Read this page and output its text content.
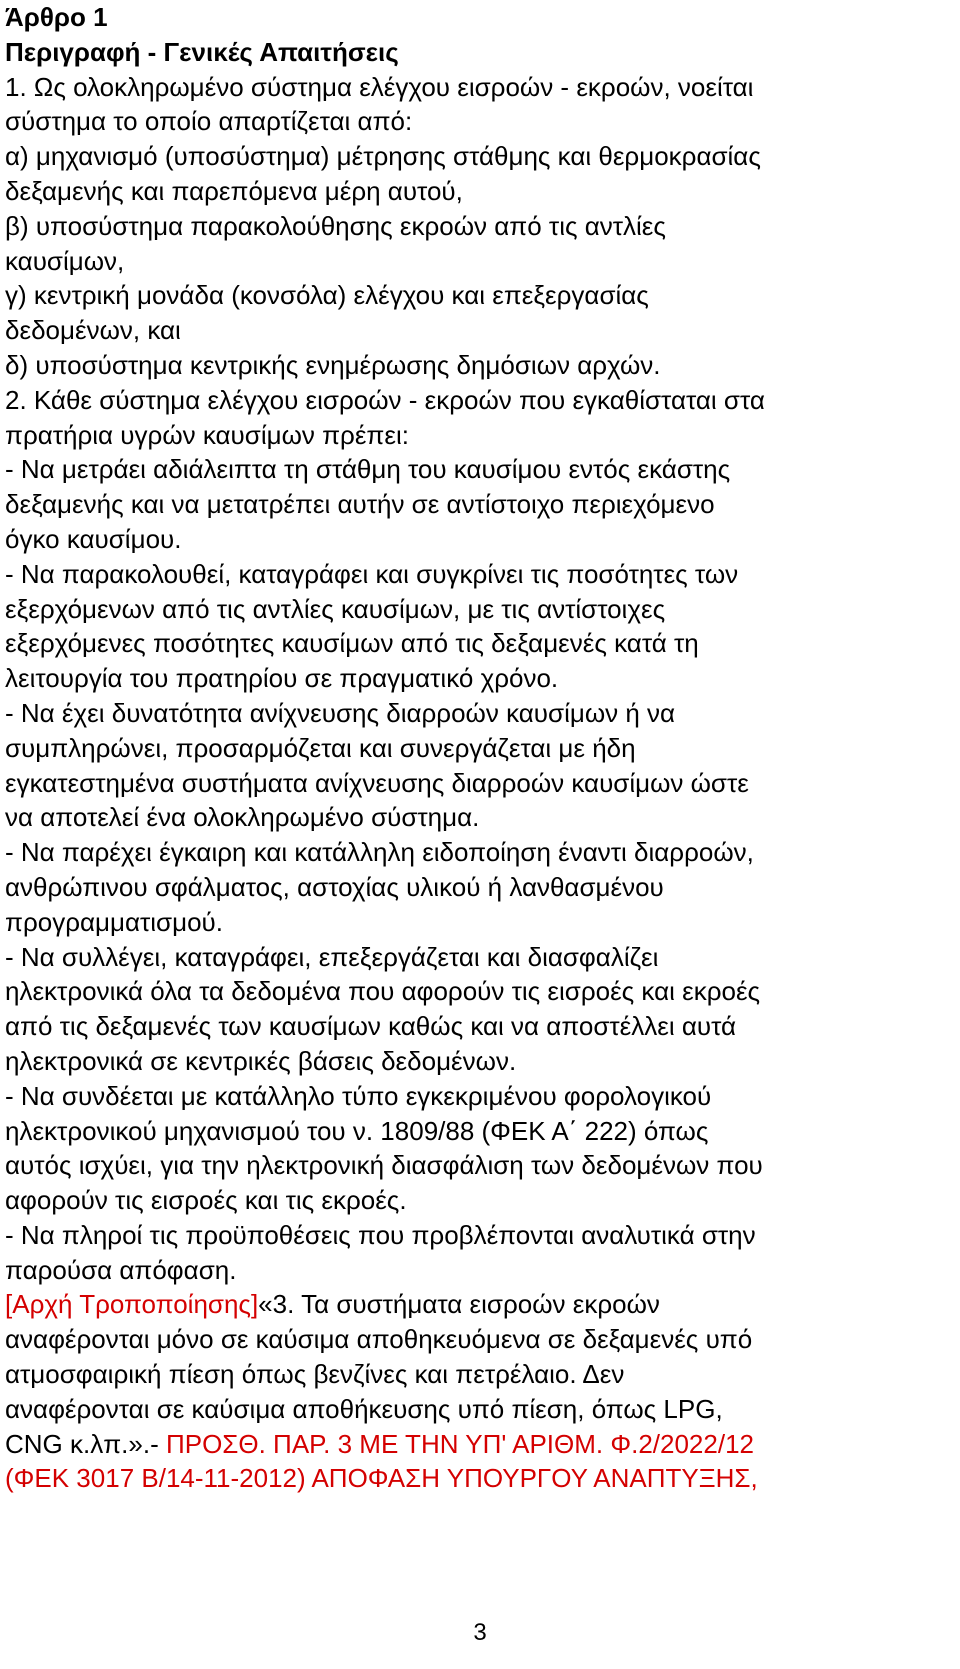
Άρθρο 1
Περιγραφή - Γενικές Απαιτήσεις
1. Ως ολοκληρωμένο σύστημα ελέγχου εισροών - εκροών, νοείται
σύστημα το οποίο απαρτίζεται από:
α) μηχανισμό (υποσύστημα) μέτρησης στάθμης και θερμοκρασίας
δεξαμενής και παρεπόμενα μέρη αυτού,
β) υποσύστημα παρακολούθησης εκροών από τις αντλίες
καυσίμων,
γ) κεντρική μονάδα (κονσόλα) ελέγχου και επεξεργασίας
δεδομένων, και
δ) υποσύστημα κεντρικής ενημέρωσης δημόσιων αρχών.
2. Κάθε σύστημα ελέγχου εισροών - εκροών που εγκαθίσταται στα
πρατήρια υγρών καυσίμων πρέπει:
- Να μετράει αδιάλειπτα τη στάθμη του καυσίμου εντός εκάστης
δεξαμενής και να μετατρέπει αυτήν σε αντίστοιχο περιεχόμενο
όγκο καυσίμου.
- Να παρακολουθεί, καταγράφει και συγκρίνει τις ποσότητες των
εξερχόμενων από τις αντλίες καυσίμων, με τις αντίστοιχες
εξερχόμενες ποσότητες καυσίμων από τις δεξαμενές κατά τη
λειτουργία του πρατηρίου σε πραγματικό χρόνο.
- Να έχει δυνατότητα ανίχνευσης διαρροών καυσίμων ή να
συμπληρώνει, προσαρμόζεται και συνεργάζεται με ήδη
εγκατεστημένα συστήματα ανίχνευσης διαρροών καυσίμων ώστε
να αποτελεί ένα ολοκληρωμένο σύστημα.
- Να παρέχει έγκαιρη και κατάλληλη ειδοποίηση έναντι διαρροών,
ανθρώπινου σφάλματος, αστοχίας υλικού ή λανθασμένου
προγραμματισμού.
- Να συλλέγει, καταγράφει, επεξεργάζεται και διασφαλίζει
ηλεκτρονικά όλα τα δεδομένα που αφορούν τις εισροές και εκροές
από τις δεξαμενές των καυσίμων καθώς και να αποστέλλει αυτά
ηλεκτρονικά σε κεντρικές βάσεις δεδομένων.
- Να συνδέεται με κατάλληλο τύπο εγκεκριμένου φορολογικού
ηλεκτρονικού μηχανισμού του ν. 1809/88 (ΦΕΚ Α΄ 222) όπως
αυτός ισχύει, για την ηλεκτρονική διασφάλιση των δεδομένων που
αφορούν τις εισροές και τις εκροές.
- Να πληροί τις προϋποθέσεις που προβλέπονται αναλυτικά στην
παρούσα απόφαση.
[Αρχή Τροποποίησης]«3. Τα συστήματα εισροών εκροών
αναφέρονται μόνο σε καύσιμα αποθηκευόμενα σε δεξαμενές υπό
ατμοσφαιρική πίεση όπως βενζίνες και πετρέλαιο. Δεν
αναφέρονται σε καύσιμα αποθήκευσης υπό πίεση, όπως LPG,
CNG κ.λπ.».- ΠΡΟΣΘ. ΠΑΡ. 3 ΜΕ ΤΗΝ ΥΠ' ΑΡΙΘΜ. Φ.2/2022/12
(ΦΕΚ 3017 Β/14-11-2012) ΑΠΟΦΑΣΗ ΥΠΟΥΡΓΟΥ ΑΝΑΠΤΥΞΗΣ,
3
